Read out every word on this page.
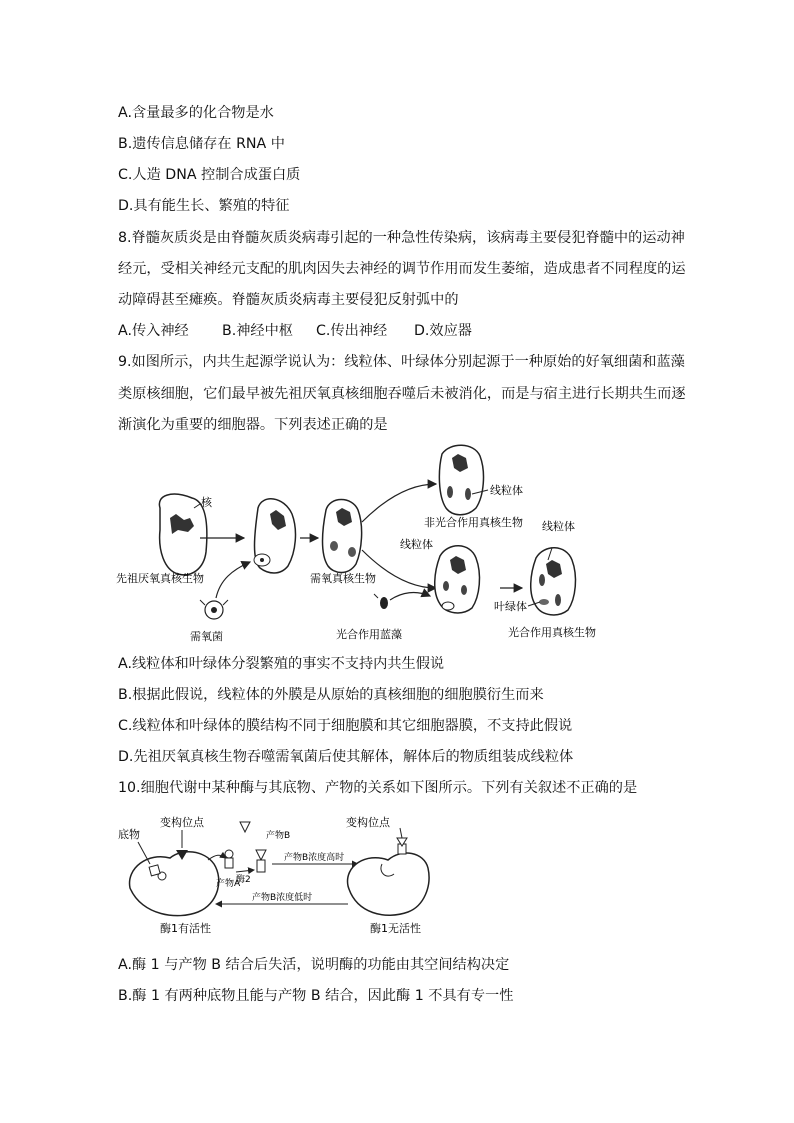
A.含量最多的化合物是水
B.遗传信息储存在 RNA 中
C.人造 DNA 控制合成蛋白质
D.具有能生长、繁殖的特征
8.脊髓灰质炎是由脊髓灰质炎病毒引起的一种急性传染病，该病毒主要侵犯脊髓中的运动神
经元，受相关神经元支配的肌肉因失去神经的调节作用而发生萎缩，造成患者不同程度的运
动障碍甚至瘫痪。脊髓灰质炎病毒主要侵犯反射弧中的
A.传入神经 B.神经中枢 C.传出神经 D.效应器
9.如图所示，内共生起源学说认为：线粒体、叶绿体分别起源于一种原始的好氧细菌和蓝藻
类原核细胞，它们最早被先祖厌氧真核细胞吞噬后未被消化，而是与宿主进行长期共生而逐
渐演化为重要的细胞器。下列表述正确的是
核
先祖厌氧真核生物
需氧菌
需氧真核生物
线粒体
非光合作用真核生物
光合作用蓝藻
线粒体
线粒体
叶绿体
光合作用真核生物
A.线粒体和叶绿体分裂繁殖的事实不支持内共生假说
B.根据此假说，线粒体的外膜是从原始的真核细胞的细胞膜衍生而来
C.线粒体和叶绿体的膜结构不同于细胞膜和其它细胞器膜，不支持此假说
D.先祖厌氧真核生物吞噬需氧菌后使其解体，解体后的物质组装成线粒体
10.细胞代谢中某种酶与其底物、产物的关系如下图所示。下列有关叙述不正确的是
底物
变构位点
产物A
酶2
产物B
产物B浓度高时
产物B浓度低时
变构位点
酶1有活性	酶1无活性
A.酶 1 与产物 B 结合后失活，说明酶的功能由其空间结构决定
B.酶 1 有两种底物且能与产物 B 结合，因此酶 1 不具有专一性
